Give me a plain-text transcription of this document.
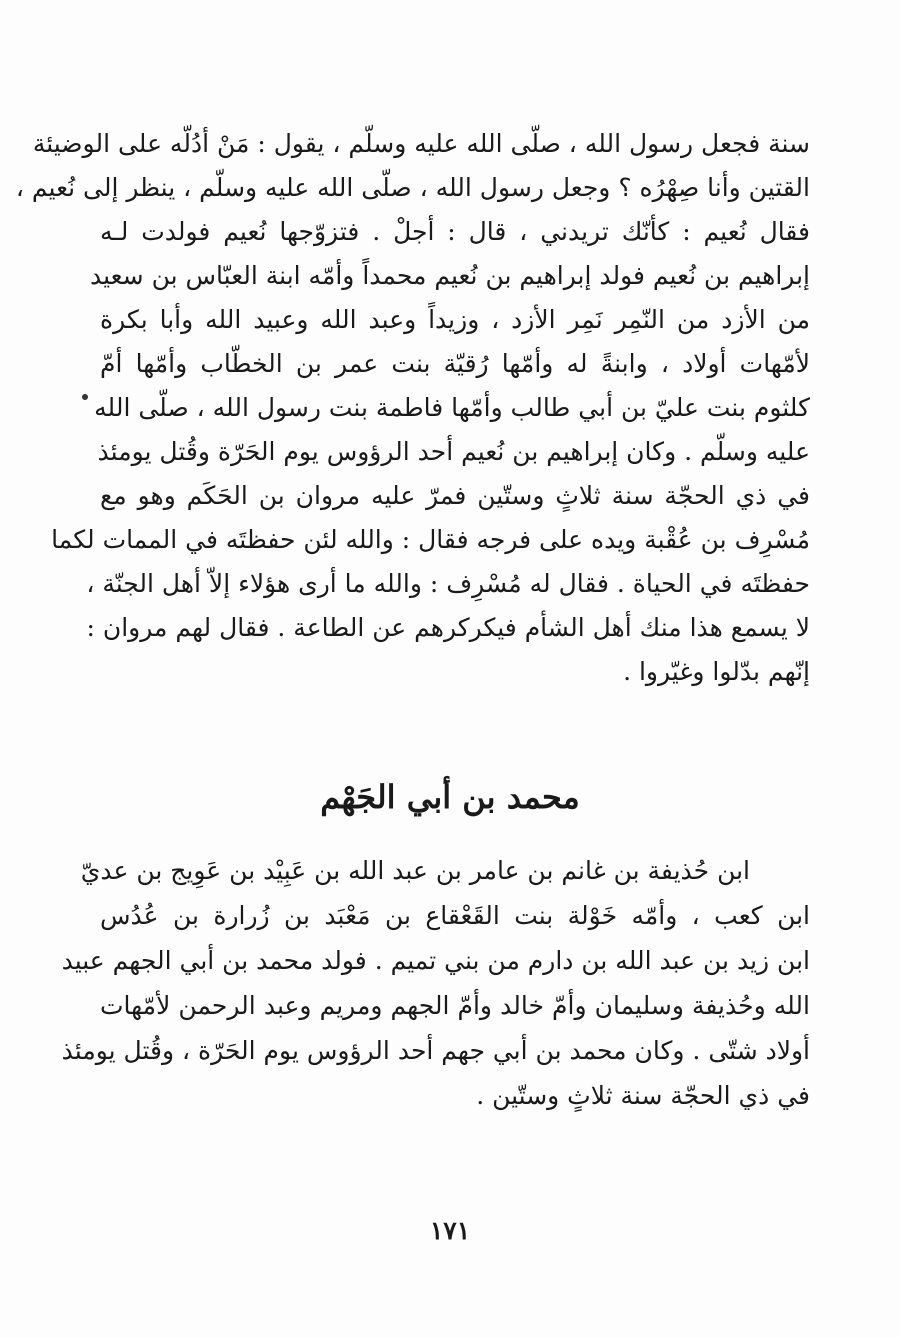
سنة فجعل رسول الله ، صلّى الله عليه وسلّم ، يقول : مَنْ أدُلّه على الوضيئة
القتين وأنا صِهْرُه ؟ وجعل رسول الله ، صلّى الله عليه وسلّم ، ينظر إلى نُعيم ،
فقال نُعيم : كأنّك تريدني ، قال : أجلْ . فتزوّجها نُعيم فولدت لـه
إبراهيم بن نُعيم فولد إبراهيم بن نُعيم محمداً وأمّه ابنة العبّاس بن سعيد
من الأزد من النّمِر نَمِر الأزد ، وزيداً وعبد الله وعبيد الله وأبا بكرة
لأمّهات أولاد ، وابنةً له وأمّها رُقيّة بنت عمر بن الخطّاب وأمّها أمّ
كلثوم بنت عليّ بن أبي طالب وأمّها فاطمة بنت رسول الله ، صلّى الله
عليه وسلّم . وكان إبراهيم بن نُعيم أحد الرؤوس يوم الحَرّة وقُتل يومئذ
في ذي الحجّة سنة ثلاثٍ وستّين فمرّ عليه مروان بن الحَكَم وهو مع
مُسْرِف بن عُقْبة ويده على فرجه فقال : والله لئن حفظتَه في الممات لكما
حفظتَه في الحياة . فقال له مُسْرِف : والله ما أرى هؤلاء إلاّ أهل الجنّة ،
لا يسمع هذا منك أهل الشأم فيكركرهم عن الطاعة . فقال لهم مروان :
إنّهم بدّلوا وغيّروا .
محمد بن أبي الجَهْم
ابن حُذيفة بن غانم بن عامر بن عبد الله بن عَبِيْد بن عَوِيج بن عديّ
ابن كعب ، وأمّه خَوْلة بنت القَعْقاع بن مَعْبَد بن زُرارة بن عُدُس
ابن زيد بن عبد الله بن دارم من بني تميم . فولد محمد بن أبي الجهم عبيد
الله وحُذيفة وسليمان وأمّ خالد وأمّ الجهم ومريم وعبد الرحمن لأمّهات
أولاد شتّى . وكان محمد بن أبي جهم أحد الرؤوس يوم الحَرّة ، وقُتل يومئذ
في ذي الحجّة سنة ثلاثٍ وستّين .
١٧١
